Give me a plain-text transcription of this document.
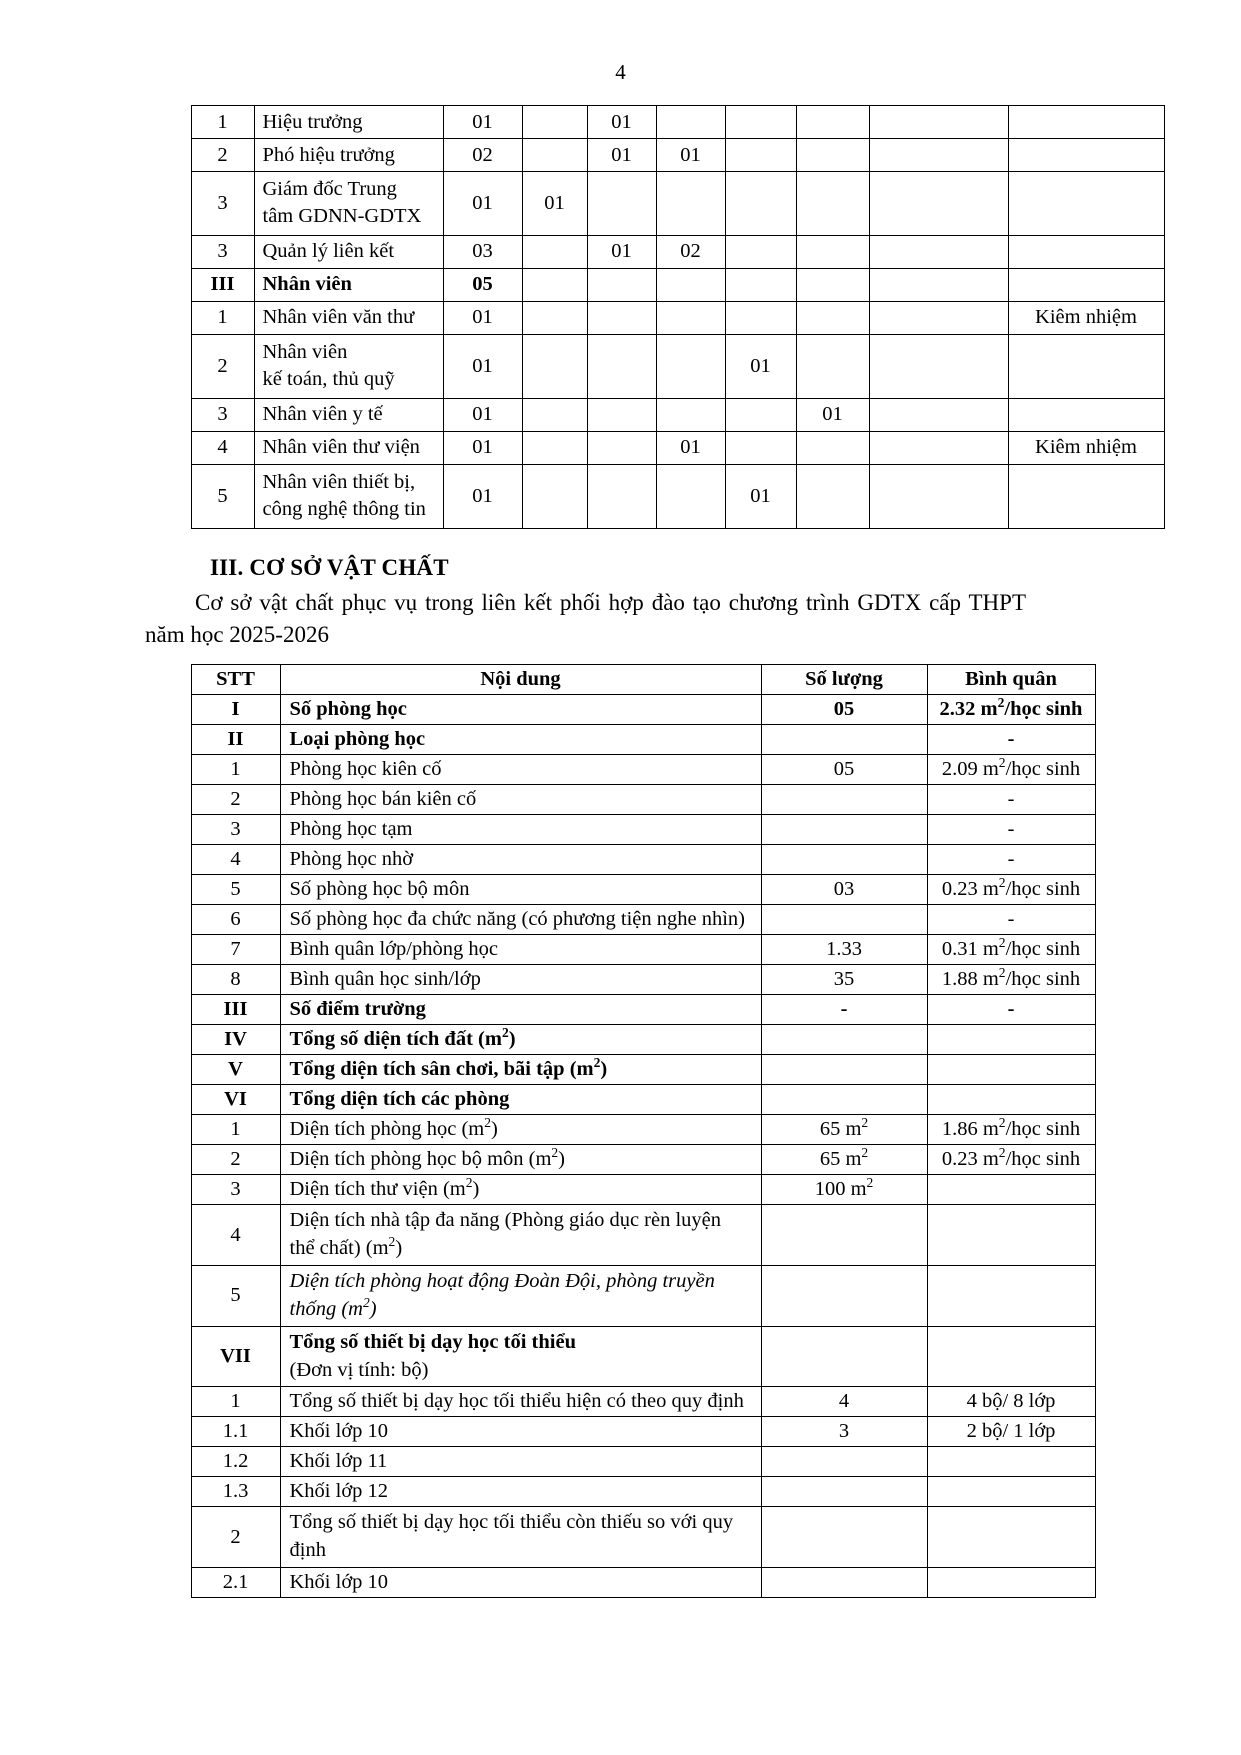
4
1	Hiệu trưởng	01		01					
2	Phó hiệu trưởng	02		01	01				
3	Giám đốc Trung
tâm GDNN-GDTX	01	01						
3	Quản lý liên kết	03		01	02				
III	Nhân viên	05							
1	Nhân viên văn thư	01							Kiêm nhiệm
2	Nhân viên
kế toán, thủ quỹ	01				01			
3	Nhân viên y tế	01					01		
4	Nhân viên thư viện	01			01				Kiêm nhiệm
5	Nhân viên thiết bị,
công nghệ thông tin	01				01			
III. CƠ SỞ VẬT CHẤT
Cơ sở vật chất phục vụ trong liên kết phối hợp đào tạo chương trình GDTX cấp THPT năm học 2025-2026
STT	Nội dung	Số lượng	Bình quân
I	Số phòng học	05	2.32 $m^2$/học sinh
II	Loại phòng học		-
1	Phòng học kiên cố	05	2.09 $m^2$/học sinh
2	Phòng học bán kiên cố		-
3	Phòng học tạm		-
4	Phòng học nhờ		-
5	Số phòng học bộ môn	03	0.23 $m^2$/học sinh
6	Số phòng học đa chức năng (có phương tiện nghe nhìn)		-
7	Bình quân lớp/phòng học	1.33	0.31 $m^2$/học sinh
8	Bình quân học sinh/lớp	35	1.88 $m^2$/học sinh
III	Số điểm trường	-	-
IV	Tổng số diện tích đất $(m^2)$		
V	Tổng diện tích sân chơi, bãi tập $(m^2)$		
VI	Tổng diện tích các phòng		
1	Diện tích phòng học $(m^2)$	65 $m^2$	1.86 $m^2$/học sinh
2	Diện tích phòng học bộ môn $(m^2)$	65 $m^2$	0.23 $m^2$/học sinh
3	Diện tích thư viện $(m^2)$	100 $m^2$	
4	Diện tích nhà tập đa năng (Phòng giáo dục rèn luyện
thể chất) $(m^2)$		

5	Diện tích phòng hoạt động Đoàn Đội, phòng truyền
thống $(m^2)$		

VII	Tổng số thiết bị dạy học tối thiểu
(Đơn vị tính: bộ)		

1	Tổng số thiết bị dạy học tối thiểu hiện có theo quy định	4	4 bộ/ 8 lớp
1.1	Khối lớp 10	3	2 bộ/ 1 lớp
1.2	Khối lớp 11		
1.3	Khối lớp 12		
2	Tổng số thiết bị dạy học tối thiểu còn thiếu so với quy
định		

2.1	Khối lớp 10		
